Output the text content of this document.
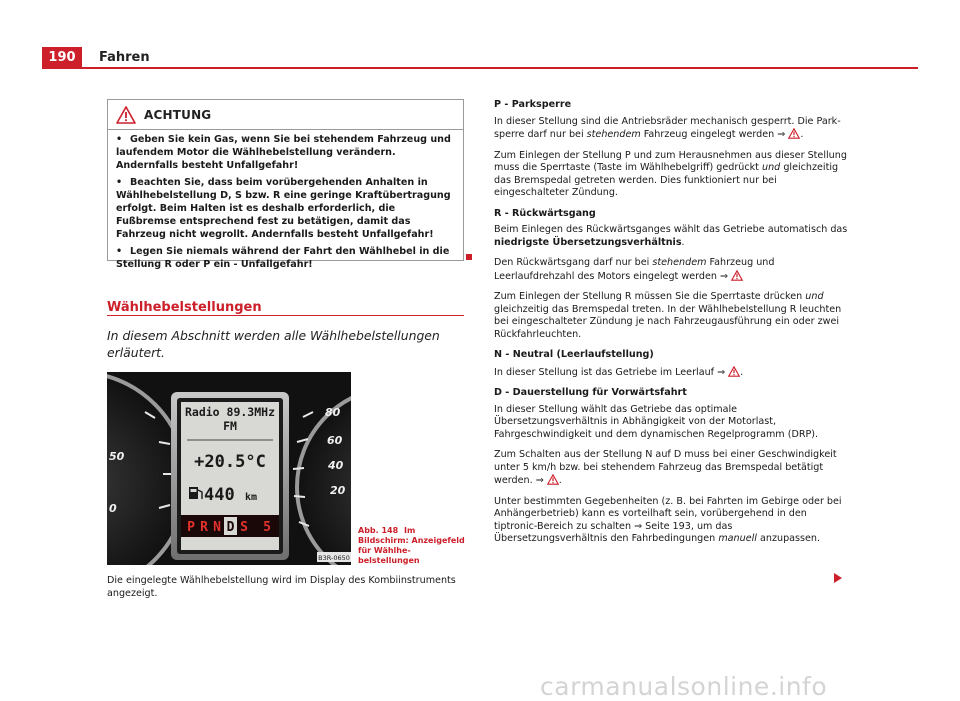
190	Fahren
ACHTUNG
• Geben Sie kein Gas, wenn Sie bei stehendem Fahrzeug und laufendem Motor die Wählhebelstellung verändern. Andernfalls besteht Unfallgefahr!
• Beachten Sie, dass beim vorübergehenden Anhalten in Wählhebelstellung D, S bzw. R eine geringe Kraftübertragung erfolgt. Beim Halten ist es deshalb erforderlich, die Fußbremse entsprechend fest zu betätigen, damit das Fahrzeug nicht wegrollt. Andernfalls besteht Unfallgefahr!
• Legen Sie niemals während der Fahrt den Wählhebel in die Stellung R oder P ein - Unfallgefahr!
Wählhebelstellungen
In diesem Abschnitt werden alle Wählhebelstellungen erläutert.
50
0
80
60
40
20
Radio 89.3MHz
FM
+20.5°C
440 km
P R N D S 5
B3R-0650
Abb. 148 Im Bildschirm: Anzeigefeld für Wählhebelstellungen
Die eingelegte Wählhebelstellung wird im Display des Kombiinstruments angezeigt.
P - Parksperre
In dieser Stellung sind die Antriebsräder mechanisch gesperrt. Die Parksperre darf nur bei stehendem Fahrzeug eingelegt werden ⇒ .
Zum Einlegen der Stellung P und zum Herausnehmen aus dieser Stellung muss die Sperrtaste (Taste im Wählhebelgriff) gedrückt und gleichzeitig das Bremspedal getreten werden. Dies funktioniert nur bei eingeschalteter Zündung.
R - Rückwärtsgang
Beim Einlegen des Rückwärtsganges wählt das Getriebe automatisch das niedrigste Übersetzungsverhältnis.
Den Rückwärtsgang darf nur bei stehendem Fahrzeug und Leerlaufdrehzahl des Motors eingelegt werden ⇒
Zum Einlegen der Stellung R müssen Sie die Sperrtaste drücken und gleichzeitig das Bremspedal treten. In der Wählhebelstellung R leuchten bei eingeschalteter Zündung je nach Fahrzeugausführung ein oder zwei Rückfahrleuchten.
N - Neutral (Leerlaufstellung)
In dieser Stellung ist das Getriebe im Leerlauf ⇒ .
D - Dauerstellung für Vorwärtsfahrt
In dieser Stellung wählt das Getriebe das optimale Übersetzungsverhältnis in Abhängigkeit von der Motorlast, Fahrgeschwindigkeit und dem dynamischen Regelprogramm (DRP).
Zum Schalten aus der Stellung N auf D muss bei einer Geschwindigkeit unter 5 km/h bzw. bei stehendem Fahrzeug das Bremspedal betätigt werden. ⇒ .
Unter bestimmten Gegebenheiten (z. B. bei Fahrten im Gebirge oder bei Anhängerbetrieb) kann es vorteilhaft sein, vorübergehend in den tiptronic-Bereich zu schalten ⇒ Seite 193, um das Übersetzungsverhältnis den Fahrbedingungen manuell anzupassen.
carmanualsonline.info
